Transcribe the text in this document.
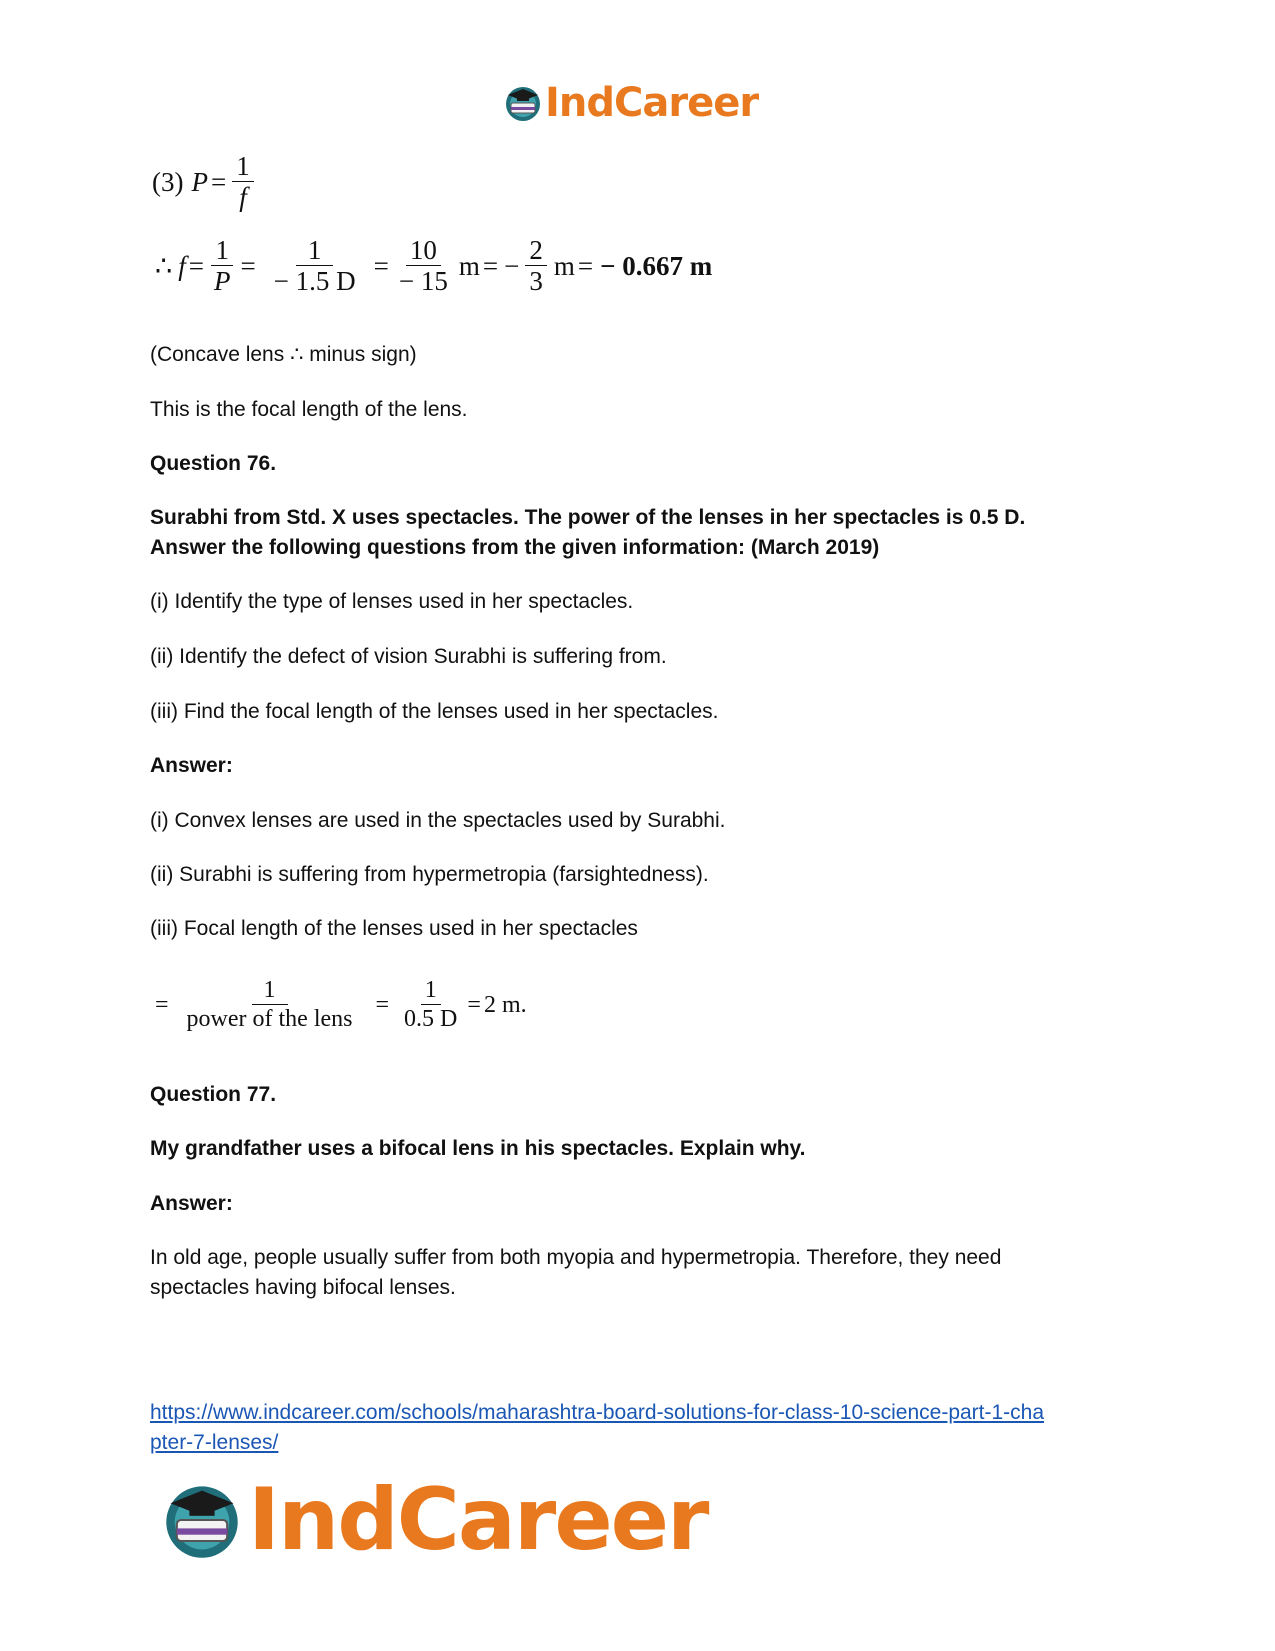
IndCareer
(3) $P = \frac{1}{f}$
∴ $f = \frac{1}{P} = \frac{1}{- 1.5 D} = \frac{10}{- 15}$ m = − $\frac{2}{3}$ m = − 0.667 m

(Concave lens ∴ minus sign)

This is the focal length of the lens.

Question 76.

Surabhi from Std. X uses spectacles. The power of the lenses in her spectacles is 0.5 D.

Answer the following questions from the given information: (March 2019)

(i) Identify the type of lenses used in her spectacles.

(ii) Identify the defect of vision Surabhi is suffering from.

(iii) Find the focal length of the lenses used in her spectacles.

Answer:

(i) Convex lenses are used in the spectacles used by Surabhi.

(ii) Surabhi is suffering from hypermetropia (farsightedness).

(iii) Focal length of the lenses used in her spectacles

= $\frac{1}{\text{power of the lens}} = \frac{1}{0.5 D} = 2$ m.

Question 77.

My grandfather uses a bifocal lens in his spectacles. Explain why.

Answer:

In old age, people usually suffer from both myopia and hypermetropia. Therefore, they need

spectacles having bifocal lenses.

https://www.indcareer.com/schools/maharashtra-board-solutions-for-class-10-science-part-1-cha
pter-7-lenses/
IndCareer
